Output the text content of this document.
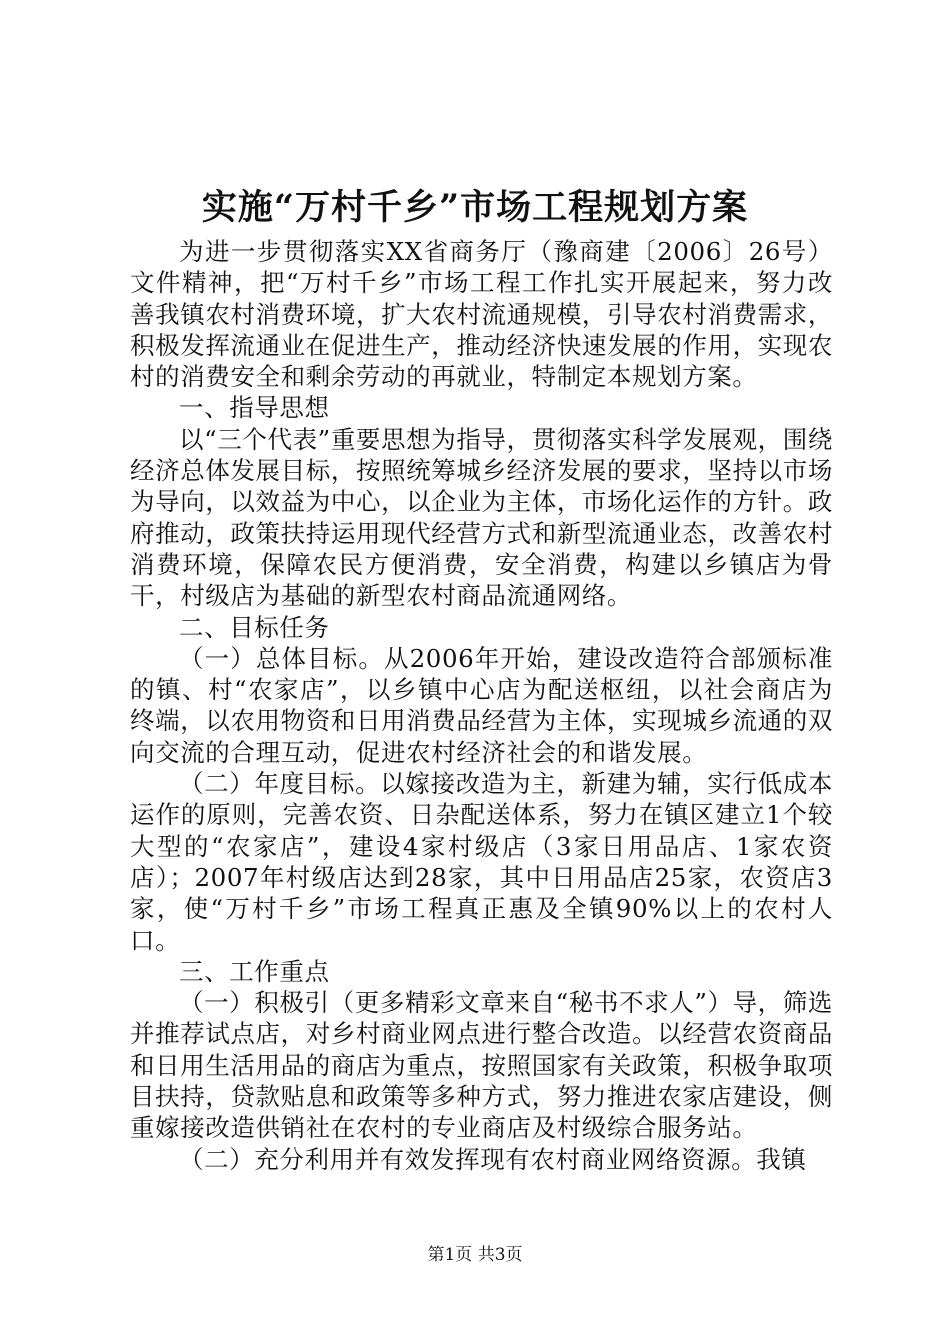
实施“万村千乡”市场工程规划方案

为进一步贯彻落实XX省商务厅（豫商建〔2006〕26号）文件精神，把“万村千乡”市场工程工作扎实开展起来，努力改善我镇农村消费环境，扩大农村流通规模，引导农村消费需求，积极发挥流通业在促进生产，推动经济快速发展的作用，实现农村的消费安全和剩余劳动的再就业，特制定本规划方案。

一、指导思想

以“三个代表”重要思想为指导，贯彻落实科学发展观，围绕经济总体发展目标，按照统筹城乡经济发展的要求，坚持以市场为导向，以效益为中心，以企业为主体，市场化运作的方针。政府推动，政策扶持运用现代经营方式和新型流通业态，改善农村消费环境，保障农民方便消费，安全消费，构建以乡镇店为骨干，村级店为基础的新型农村商品流通网络。

二、目标任务

（一）总体目标。从2006年开始，建设改造符合部颁标准的镇、村“农家店”，以乡镇中心店为配送枢纽，以社会商店为终端，以农用物资和日用消费品经营为主体，实现城乡流通的双向交流的合理互动，促进农村经济社会的和谐发展。

（二）年度目标。以嫁接改造为主，新建为辅，实行低成本运作的原则，完善农资、日杂配送体系，努力在镇区建立1个较大型的“农家店”，建设4家村级店（3家日用品店、1家农资店）；2007年村级店达到28家，其中日用品店25家，农资店3家，使“万村千乡”市场工程真正惠及全镇90%以上的农村人口。

三、工作重点

（一）积极引（更多精彩文章来自“秘书不求人”）导，筛选并推荐试点店，对乡村商业网点进行整合改造。以经营农资商品和日用生活用品的商店为重点，按照国家有关政策，积极争取项目扶持，贷款贴息和政策等多种方式，努力推进农家店建设，侧重嫁接改造供销社在农村的专业商店及村级综合服务站。

（二）充分利用并有效发挥现有农村商业网络资源。我镇

第1页 共3页
